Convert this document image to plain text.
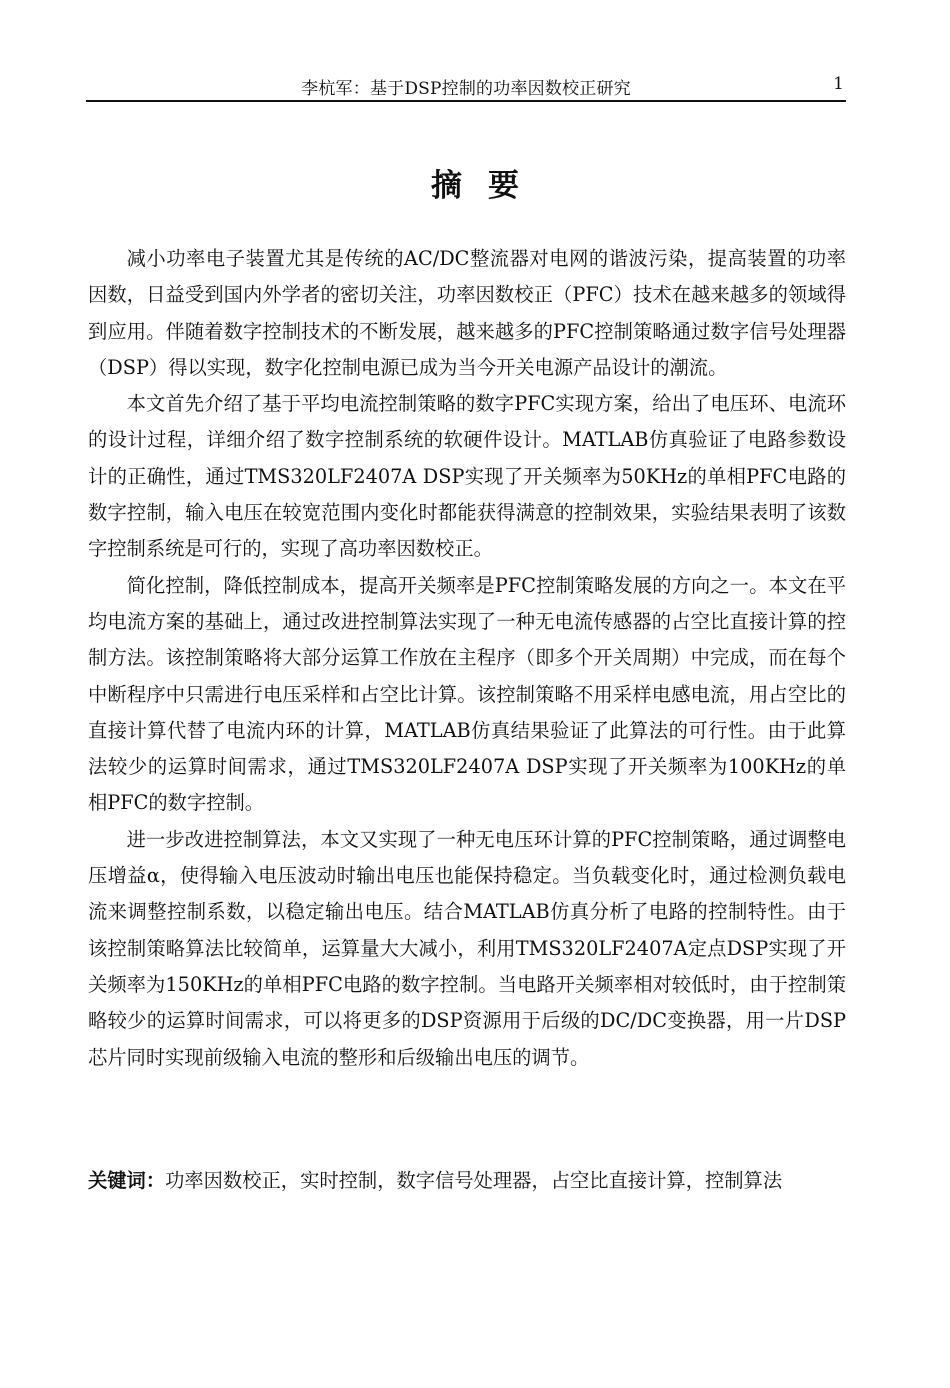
李杭军：基于DSP控制的功率因数校正研究	1
摘要

减小功率电子装置尤其是传统的AC/DC整流器对电网的谐波污染，提高装置的功率因数，日益受到国内外学者的密切关注，功率因数校正（PFC）技术在越来越多的领域得到应用。伴随着数字控制技术的不断发展，越来越多的PFC控制策略通过数字信号处理器（DSP）得以实现，数字化控制电源已成为当今开关电源产品设计的潮流。

本文首先介绍了基于平均电流控制策略的数字PFC实现方案，给出了电压环、电流环的设计过程，详细介绍了数字控制系统的软硬件设计。MATLAB仿真验证了电路参数设计的正确性，通过TMS320LF2407A DSP实现了开关频率为50KHz的单相PFC电路的数字控制，输入电压在较宽范围内变化时都能获得满意的控制效果，实验结果表明了该数字控制系统是可行的，实现了高功率因数校正。

简化控制，降低控制成本，提高开关频率是PFC控制策略发展的方向之一。本文在平均电流方案的基础上，通过改进控制算法实现了一种无电流传感器的占空比直接计算的控制方法。该控制策略将大部分运算工作放在主程序（即多个开关周期）中完成，而在每个中断程序中只需进行电压采样和占空比计算。该控制策略不用采样电感电流，用占空比的直接计算代替了电流内环的计算，MATLAB仿真结果验证了此算法的可行性。由于此算法较少的运算时间需求，通过TMS320LF2407A DSP实现了开关频率为100KHz的单相PFC的数字控制。

进一步改进控制算法，本文又实现了一种无电压环计算的PFC控制策略，通过调整电压增益α，使得输入电压波动时输出电压也能保持稳定。当负载变化时，通过检测负载电流来调整控制系数，以稳定输出电压。结合MATLAB仿真分析了电路的控制特性。由于该控制策略算法比较简单，运算量大大减小，利用TMS320LF2407A定点DSP实现了开关频率为150KHz的单相PFC电路的数字控制。当电路开关频率相对较低时，由于控制策略较少的运算时间需求，可以将更多的DSP资源用于后级的DC/DC变换器，用一片DSP芯片同时实现前级输入电流的整形和后级输出电压的调节。

关键词：功率因数校正，实时控制，数字信号处理器，占空比直接计算，控制算法
